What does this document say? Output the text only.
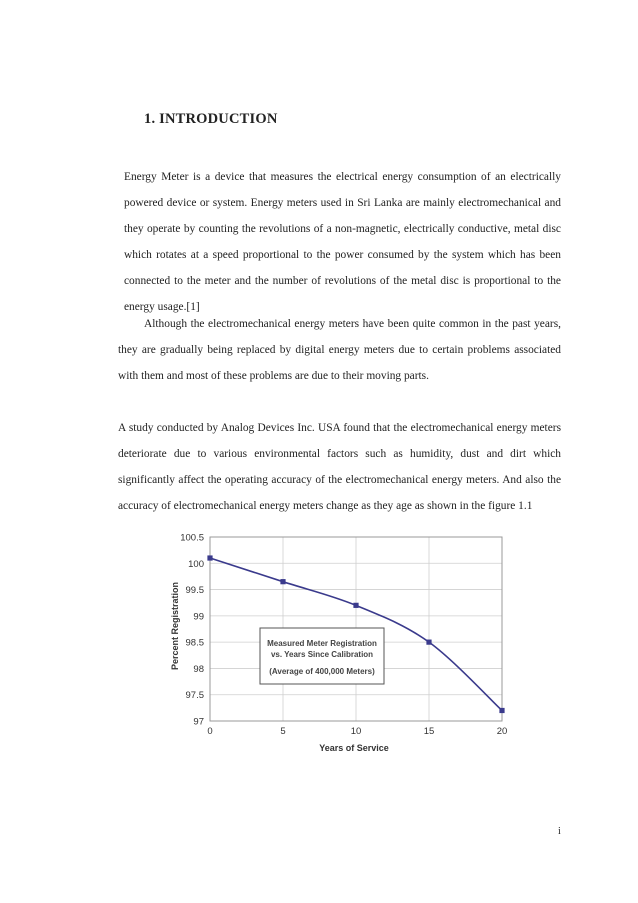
1. INTRODUCTION

Energy Meter is a device that measures the electrical energy consumption of an electrically powered device or system. Energy meters used in Sri Lanka are mainly electromechanical and they operate by counting the revolutions of a non-magnetic, electrically conductive, metal disc which rotates at a speed proportional to the power consumed by the system which has been connected to the meter and the number of revolutions of the metal disc is proportional to the energy usage.[1]

Although the electromechanical energy meters have been quite common in the past years, they are gradually being replaced by digital energy meters due to certain problems associated with them and most of these problems are due to their moving parts.

A study conducted by Analog Devices Inc. USA found that the electromechanical energy meters deteriorate due to various environmental factors such as humidity, dust and dirt which significantly affect the operating accuracy of the electromechanical energy meters. And also the accuracy of electromechanical energy meters change as they age as shown in the figure 1.1

97
97.5
98
98.5
99
99.5
100
100.5
0	5	10	15	20
Years of Service
Percent Registration	Measured Meter Registration
vs. Years Since Calibration
(Average of 400,000 Meters)
i
